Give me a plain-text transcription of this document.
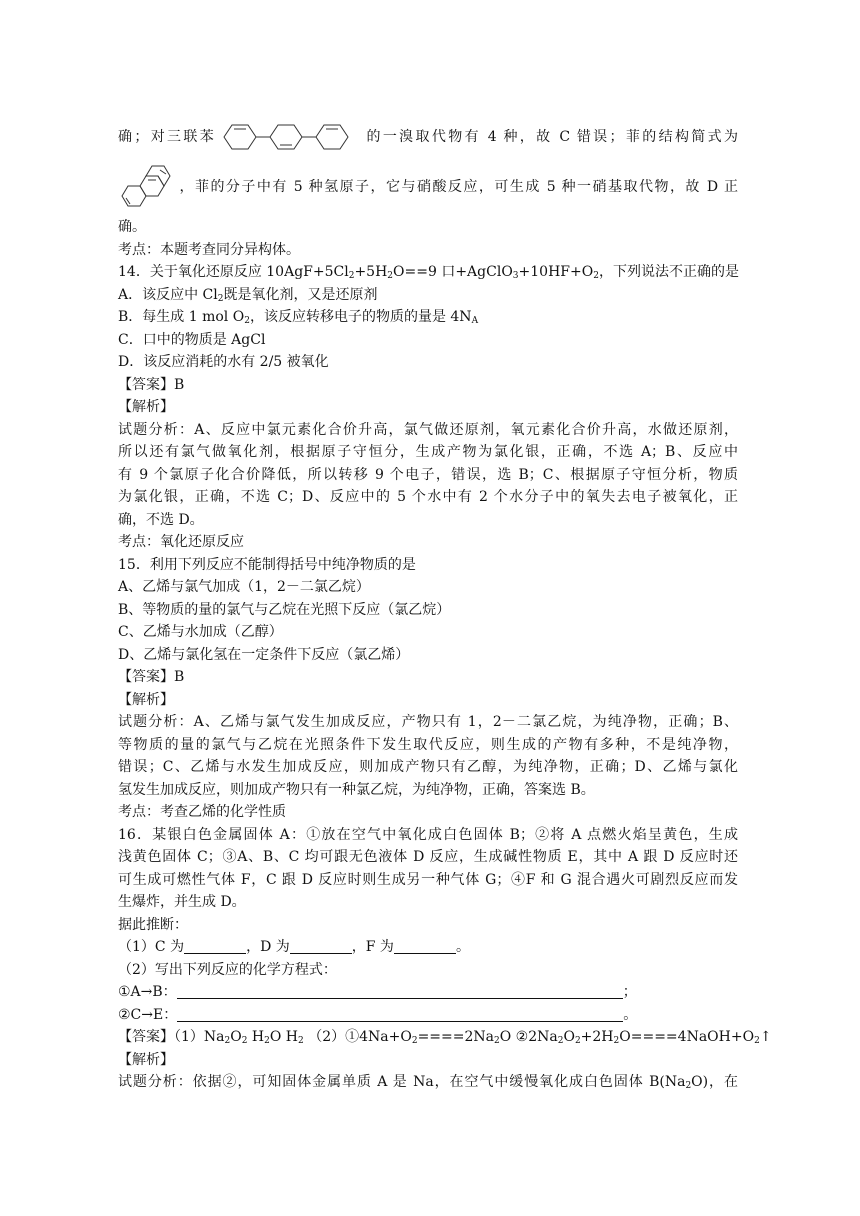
确；对三联苯	的一溴取代物有 4 种，故 C 错误；菲的结构简式为
，菲的分子中有 5 种氢原子，它与硝酸反应，可生成 5 种一硝基取代物，故 D 正
确。
考点：本题考查同分异构体。
14．关于氧化还原反应 $10AgF+5Cl_2+5H_2O==9$ 口$+AgClO_3+10HF+O_2$，下列说法不正确的是
A．该反应中 $Cl_2$既是氧化剂，又是还原剂
B．每生成 1 mol $O_2$，该反应转移电子的物质的量是 $4N_A$
C．口中的物质是 AgCl
D．该反应消耗的水有 2/5 被氧化
【答案】B
【解析】
试题分析：A、反应中氯元素化合价升高，氯气做还原剂，氧元素化合价升高，水做还原剂，
所以还有氯气做氧化剂，根据原子守恒分，生成产物为氯化银，正确，不选 A；B、反应中
有 9 个氯原子化合价降低，所以转移 9 个电子，错误，选 B；C、根据原子守恒分析，物质
为氯化银，正确，不选 C；D、反应中的 5 个水中有 2 个水分子中的氧失去电子被氧化，正
确，不选 D。
考点：氧化还原反应
15．利用下列反应不能制得括号中纯净物质的是
A、乙烯与氯气加成（1，2－二氯乙烷）
B、等物质的量的氯气与乙烷在光照下反应（氯乙烷）
C、乙烯与水加成（乙醇）
D、乙烯与氯化氢在一定条件下反应（氯乙烯）
【答案】B
【解析】
试题分析：A、乙烯与氯气发生加成反应，产物只有 1，2－二氯乙烷，为纯净物，正确；B、
等物质的量的氯气与乙烷在光照条件下发生取代反应，则生成的产物有多种，不是纯净物，
错误；C、乙烯与水发生加成反应，则加成产物只有乙醇，为纯净物，正确；D、乙烯与氯化
氢发生加成反应，则加成产物只有一种氯乙烷，为纯净物，正确，答案选 B。
考点：考查乙烯的化学性质
16．某银白色金属固体 A：①放在空气中氧化成白色固体 B；②将 A 点燃火焰呈黄色，生成
浅黄色固体 C；③A、B、C 均可跟无色液体 D 反应，生成碱性物质 E，其中 A 跟 D 反应时还
可生成可燃性气体 F，C 跟 D 反应时则生成另一种气体 G；④F 和 G 混合遇火可剧烈反应而发
生爆炸，并生成 D。
据此推断：
（1）C 为	，D 为	，F 为	。
（2）写出下列反应的化学方程式：
①A→B：	；
②C→E：	。
【答案】$(1)Na_2O_2$ $H_2O$ $H_2$ $(2)①4Na+O_2====2Na_2O$ $②2Na_2O_2+2H_2O====4NaOH+O_2↑$
【解析】
试题分析：依据②，可知固体金属单质 A 是 Na，在空气中缓慢氧化成白色固体 $B(Na_2O)$，在
